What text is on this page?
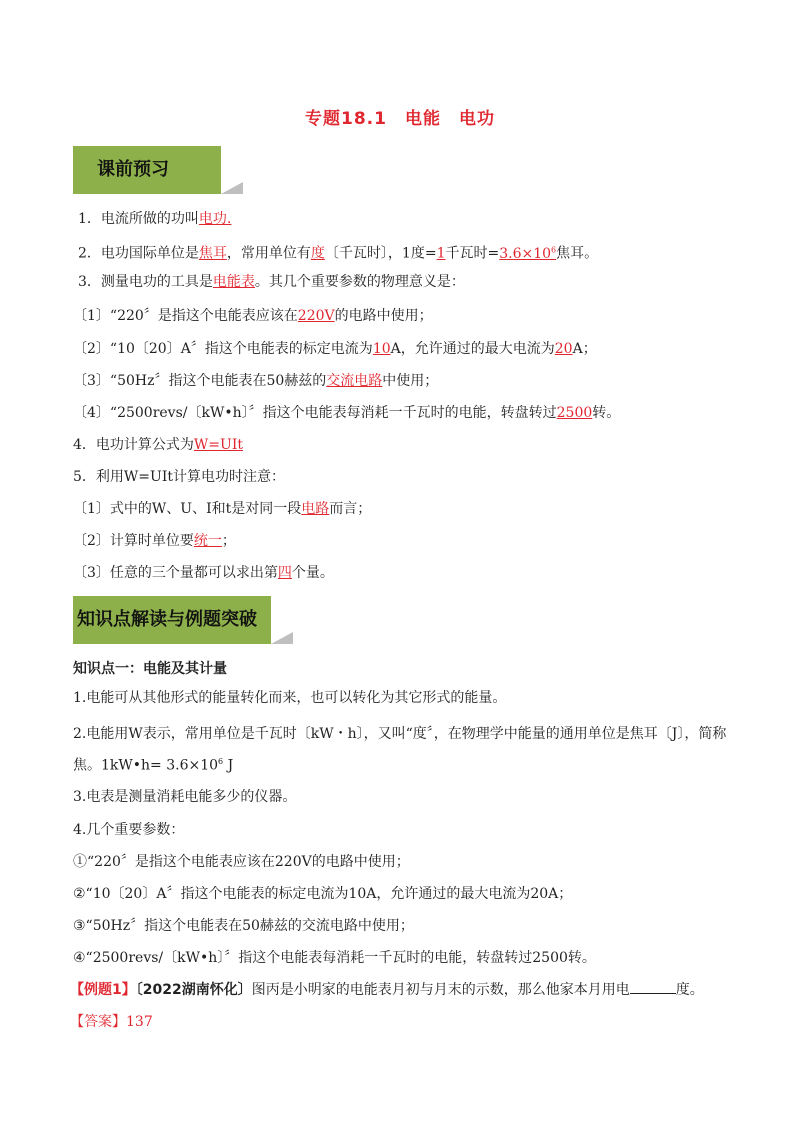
专题18.1 电能 电功
课前预习
1．电流所做的功叫电功.
2．电功国际单位是焦耳，常用单位有度〔千瓦时〕，1度=1千瓦时$=3.6\times 10^6$焦耳。
3．测量电功的工具是电能表。其几个重要参数的物理意义是：
〔1〕“220〞是指这个电能表应该在220V的电路中使用；
〔2〕“10〔20〕A〞指这个电能表的标定电流为10A，允许通过的最大电流为20A；
〔3〕“50Hz〞指这个电能表在50赫兹的交流电路中使用；
〔4〕“2500revs/〔kW•h〕〞指这个电能表每消耗一千瓦时的电能，转盘转过2500转。
4．电功计算公式为W=UIt
5．利用W=UIt计算电功时注意：
〔1〕式中的W、U、I和t是对同一段电路而言；
〔2〕计算时单位要统一；
〔3〕任意的三个量都可以求出第四个量。
知识点解读与例题突破
知识点一：电能及其计量
1.电能可从其他形式的能量转化而来，也可以转化为其它形式的能量。
2.电能用W表示，常用单位是千瓦时〔kW・h〕，又叫“度〞，在物理学中能量的通用单位是焦耳〔J〕，简称焦。1kW•h= $3.6\times 10^6$ J
3.电表是测量消耗电能多少的仪器。
4.几个重要参数：
①“220〞是指这个电能表应该在220V的电路中使用；
②“10〔20〕A〞指这个电能表的标定电流为10A，允许通过的最大电流为20A；
③“50Hz〞指这个电能表在50赫兹的交流电路中使用；
④“2500revs/〔kW•h〕〞指这个电能表每消耗一千瓦时的电能，转盘转过2500转。
【例题1】〔2022湖南怀化〕图丙是小明家的电能表月初与月末的示数，那么他家本月用电	度。
【答案】137
